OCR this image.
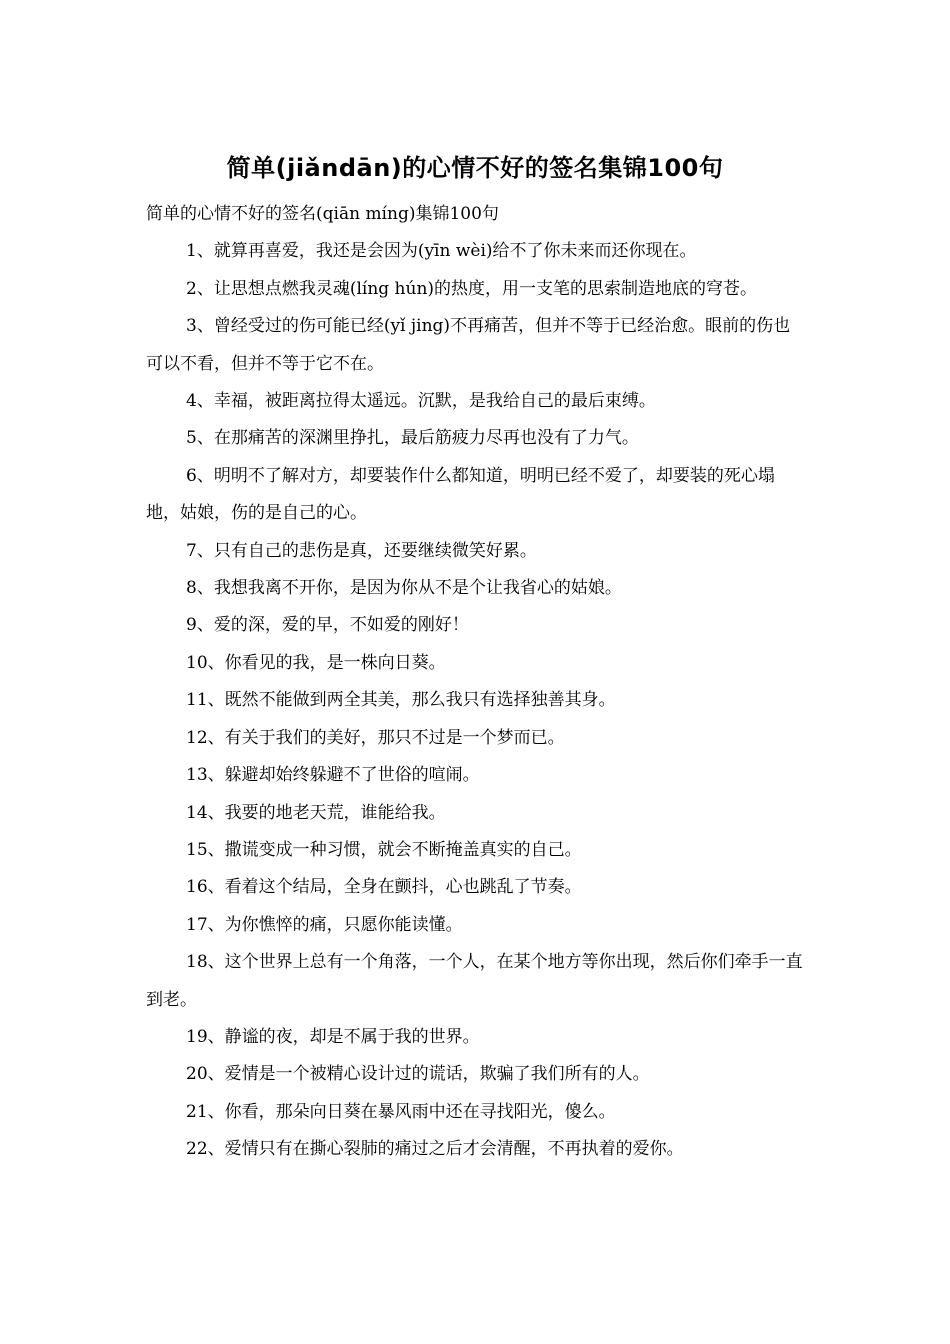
简单(jiǎndān)的心情不好的签名集锦100句

简单的心情不好的签名(qiān míng)集锦100句

1、就算再喜爱，我还是会因为(yīn wèi)给不了你未来而还你现在。

2、让思想点燃我灵魂(líng hún)的热度，用一支笔的思索制造地底的穹苍。

3、曾经受过的伤可能已经(yǐ jing)不再痛苦，但并不等于已经治愈。眼前的伤也可以不看，但并不等于它不在。

4、幸福，被距离拉得太遥远。沉默，是我给自己的最后束缚。

5、在那痛苦的深渊里挣扎，最后筋疲力尽再也没有了力气。

6、明明不了解对方，却要装作什么都知道，明明已经不爱了，却要装的死心塌地，姑娘，伤的是自己的心。

7、只有自己的悲伤是真，还要继续微笑好累。

8、我想我离不开你，是因为你从不是个让我省心的姑娘。

9、爱的深，爱的早，不如爱的刚好！

10、你看见的我，是一株向日葵。

11、既然不能做到两全其美，那么我只有选择独善其身。

12、有关于我们的美好，那只不过是一个梦而已。

13、躲避却始终躲避不了世俗的喧闹。

14、我要的地老天荒，谁能给我。

15、撒谎变成一种习惯，就会不断掩盖真实的自己。

16、看着这个结局，全身在颤抖，心也跳乱了节奏。

17、为你憔悴的痛，只愿你能读懂。

18、这个世界上总有一个角落，一个人，在某个地方等你出现，然后你们牵手一直到老。

19、静谧的夜，却是不属于我的世界。

20、爱情是一个被精心设计过的谎话，欺骗了我们所有的人。

21、你看，那朵向日葵在暴风雨中还在寻找阳光，傻么。

22、爱情只有在撕心裂肺的痛过之后才会清醒，不再执着的爱你。
